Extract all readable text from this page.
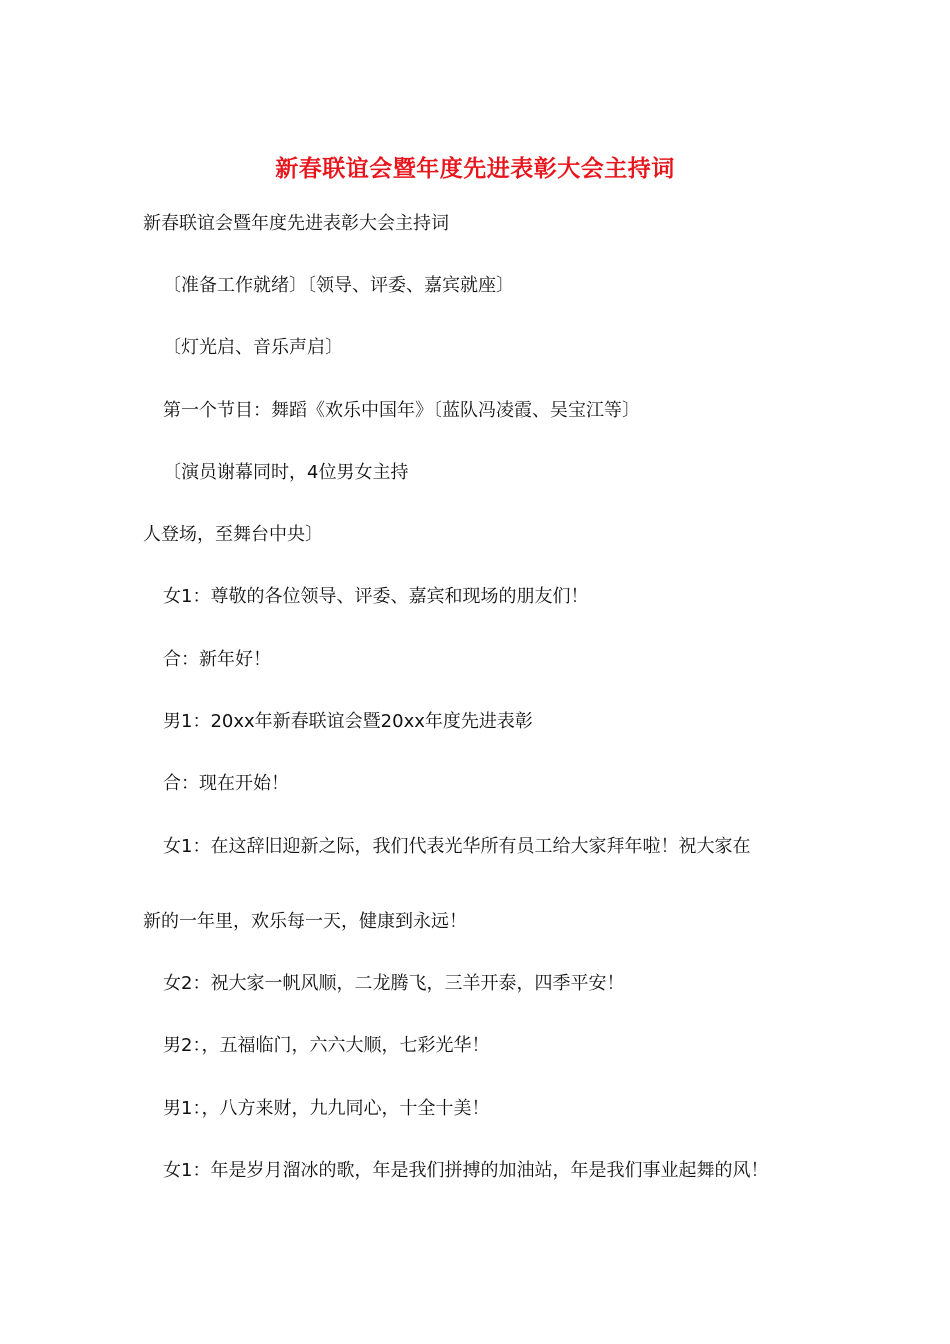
新春联谊会暨年度先进表彰大会主持词
新春联谊会暨年度先进表彰大会主持词
〔准备工作就绪〕〔领导、评委、嘉宾就座〕
〔灯光启、音乐声启〕
第一个节目：舞蹈《欢乐中国年》〔蓝队冯凌霞、吴宝江等〕
〔演员谢幕同时，4位男女主持
人登场，至舞台中央〕
女1：尊敬的各位领导、评委、嘉宾和现场的朋友们！
合：新年好！
男1：20xx年新春联谊会暨20xx年度先进表彰
合：现在开始！
女1：在这辞旧迎新之际，我们代表光华所有员工给大家拜年啦！祝大家在
新的一年里，欢乐每一天，健康到永远！
女2：祝大家一帆风顺，二龙腾飞，三羊开泰，四季平安！
男2：，五福临门，六六大顺，七彩光华！
男1：，八方来财，九九同心，十全十美！
女1：年是岁月溜冰的歌，年是我们拼搏的加油站，年是我们事业起舞的风！
